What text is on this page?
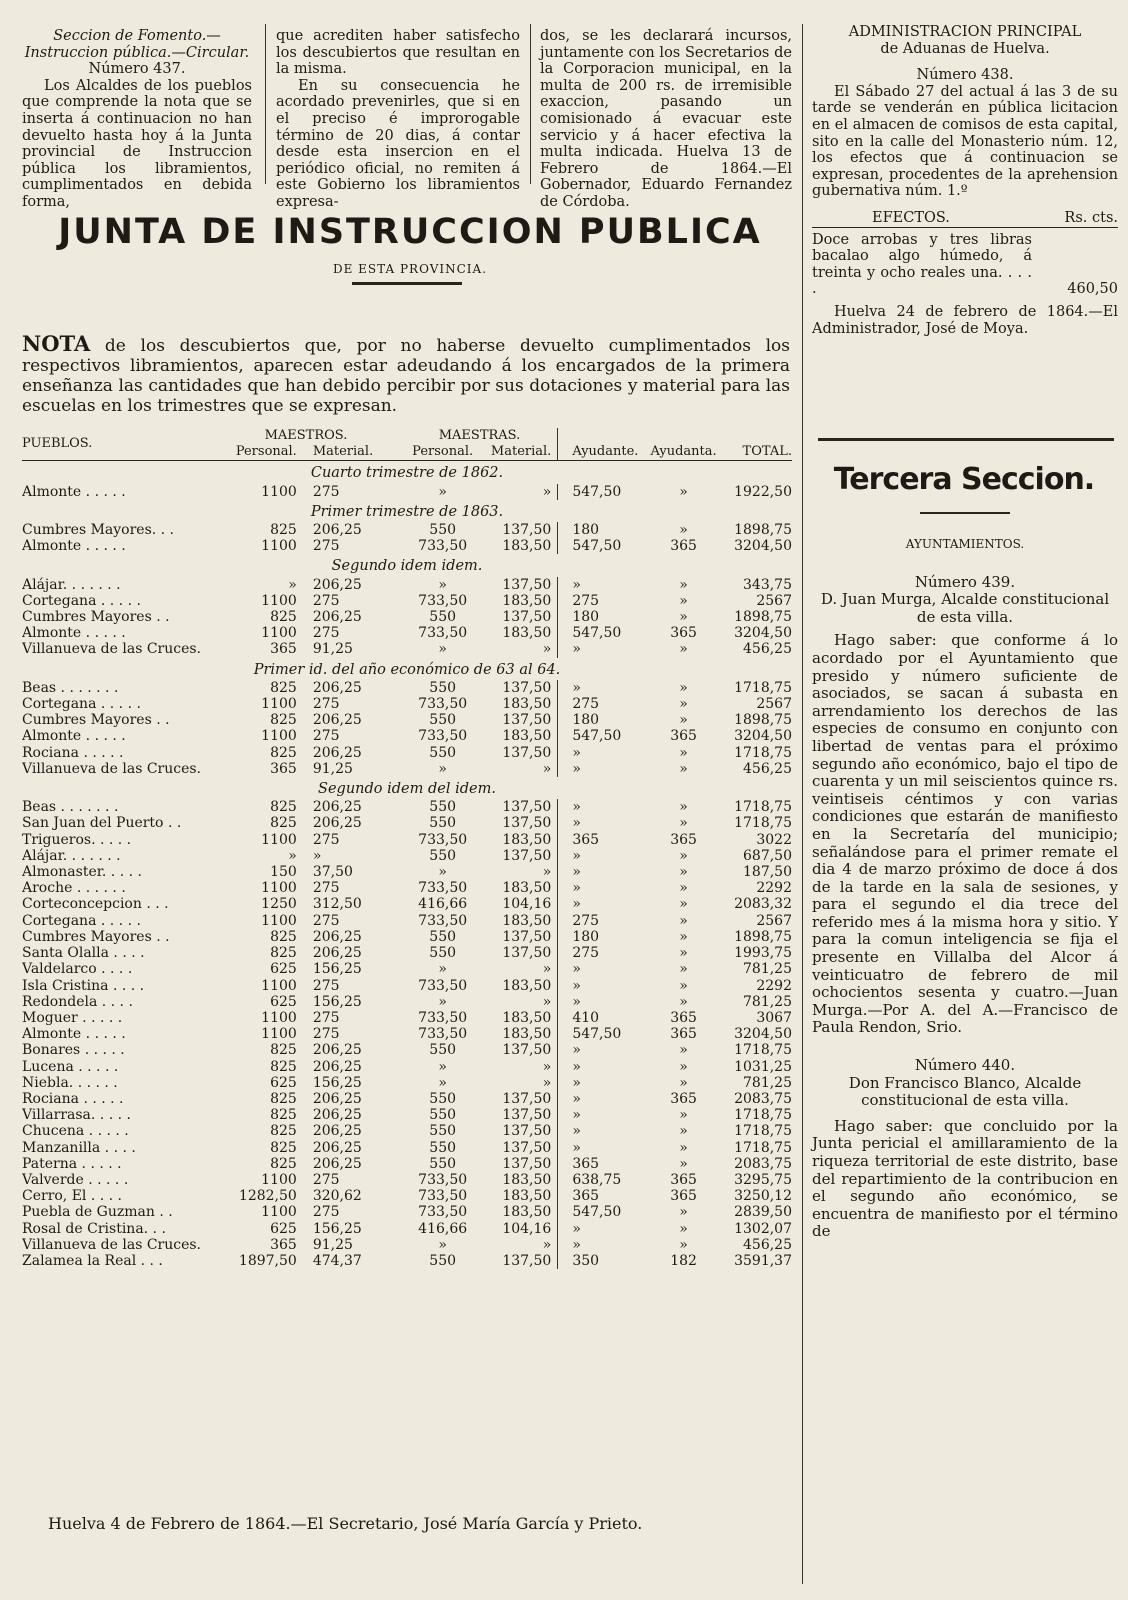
Seccion de Fomento.—Instruccion pública.—Circular.

Número 437.

Los Alcaldes de los pueblos que comprende la nota que se inserta á continuacion no han devuelto hasta hoy á la Junta provincial de Instruccion pública los libramientos, cumplimentados en debida forma,

que acrediten haber satisfecho los descubiertos que resultan en la misma.

En su consecuencia he acordado prevenirles, que si en el preciso é improrogable término de 20 dias, á contar desde esta insercion en el periódico oficial, no remiten á este Gobierno los libramientos expresa-

dos, se les declarará incursos, juntamente con los Secretarios de la Corporacion municipal, en la multa de 200 rs. de irremisible exaccion, pasando un comisionado á evacuar este servicio y á hacer efectiva la multa indicada. Huelva 13 de Febrero de 1864.—El Gobernador, Eduardo Fernandez de Córdoba.

JUNTA DE INSTRUCCION PUBLICA
DE ESTA PROVINCIA.
NOTA de los descubiertos que, por no haberse devuelto cumplimentados los respectivos libramientos, aparecen estar adeudando á los encargados de la primera enseñanza las cantidades que han debido percibir por sus dotaciones y material para las escuelas en los trimestres que se expresan.
PUEBLOS.	MAESTROS.		MAESTRAS.				
	Personal.	Material.	Personal.	Material.	Ayudante.	Ayudanta.	TOTAL.
Cuarto trimestre de 1862.							
Almonte . . . . .	1100	275	»	»	547,50	»	1922,50
Primer trimestre de 1863.							
Cumbres Mayores. . .	825	206,25	550	137,50	180	»	1898,75
Almonte . . . . .	1100	275	733,50	183,50	547,50	365	3204,50
Segundo idem idem.							
Alájar. . . . . . .	»	206,25	»	137,50	»	»	343,75
Cortegana . . . . .	1100	275	733,50	183,50	275	»	2567
Cumbres Mayores . .	825	206,25	550	137,50	180	»	1898,75
Almonte . . . . .	1100	275	733,50	183,50	547,50	365	3204,50
Villanueva de las Cruces.	365	91,25	»	»	»	»	456,25
Primer id. del año económico de 63 al 64.							
Beas . . . . . . .	825	206,25	550	137,50	»	»	1718,75
Cortegana . . . . .	1100	275	733,50	183,50	275	»	2567
Cumbres Mayores . .	825	206,25	550	137,50	180	»	1898,75
Almonte . . . . .	1100	275	733,50	183,50	547,50	365	3204,50
Rociana . . . . .	825	206,25	550	137,50	»	»	1718,75
Villanueva de las Cruces.	365	91,25	»	»	»	»	456,25
Segundo idem del idem.							
Beas . . . . . . .	825	206,25	550	137,50	»	»	1718,75
San Juan del Puerto . .	825	206,25	550	137,50	»	»	1718,75
Trigueros. . . . .	1100	275	733,50	183,50	365	365	3022
Alájar. . . . . . .	»	»	550	137,50	»	»	687,50
Almonaster. . . . .	150	37,50	»	»	»	»	187,50
Aroche . . . . . .	1100	275	733,50	183,50	»	»	2292
Corteconcepcion . . .	1250	312,50	416,66	104,16	»	»	2083,32
Cortegana . . . . .	1100	275	733,50	183,50	275	»	2567
Cumbres Mayores . .	825	206,25	550	137,50	180	»	1898,75
Santa Olalla . . . .	825	206,25	550	137,50	275	»	1993,75
Valdelarco . . . .	625	156,25	»	»	»	»	781,25
Isla Cristina . . . .	1100	275	733,50	183,50	»	»	2292
Redondela . . . .	625	156,25	»	»	»	»	781,25
Moguer . . . . .	1100	275	733,50	183,50	410	365	3067
Almonte . . . . .	1100	275	733,50	183,50	547,50	365	3204,50
Bonares . . . . .	825	206,25	550	137,50	»	»	1718,75
Lucena . . . . .	825	206,25	»	»	»	»	1031,25
Niebla. . . . . .	625	156,25	»	»	»	»	781,25
Rociana . . . . .	825	206,25	550	137,50	»	365	2083,75
Villarrasa. . . . .	825	206,25	550	137,50	»	»	1718,75
Chucena . . . . .	825	206,25	550	137,50	»	»	1718,75
Manzanilla . . . .	825	206,25	550	137,50	»	»	1718,75
Paterna . . . . .	825	206,25	550	137,50	365	»	2083,75
Valverde . . . . .	1100	275	733,50	183,50	638,75	365	3295,75
Cerro, El . . . .	1282,50	320,62	733,50	183,50	365	365	3250,12
Puebla de Guzman . .	1100	275	733,50	183,50	547,50	»	2839,50
Rosal de Cristina. . .	625	156,25	416,66	104,16	»	»	1302,07
Villanueva de las Cruces.	365	91,25	»	»	»	»	456,25
Zalamea la Real . . .	1897,50	474,37	550	137,50	350	182	3591,37
Huelva 4 de Febrero de 1864.—El Secretario, José María García y Prieto.

ADMINISTRACION PRINCIPAL

de Aduanas de Huelva.

Número 438.

El Sábado 27 del actual á las 3 de su tarde se venderán en pública licitacion en el almacen de comisos de esta capital, sito en la calle del Monasterio núm. 12, los efectos que á continuacion se expresan, procedentes de la aprehension gubernativa núm. 1.º

EFECTOS.	Rs. cts.
Doce arrobas y tres libras bacalao algo húmedo, á treinta y ocho reales una. . . . .	460,50

Huelva 24 de febrero de 1864.—El Administrador, José de Moya.

Tercera Seccion.

AYUNTAMIENTOS.

Número 439.

D. Juan Murga, Alcalde constitucional de esta villa.

Hago saber: que conforme á lo acordado por el Ayuntamiento que presido y número suficiente de asociados, se sacan á subasta en arrendamiento los derechos de las especies de consumo en conjunto con libertad de ventas para el próximo segundo año económico, bajo el tipo de cuarenta y un mil seiscientos quince rs. veintiseis céntimos y con varias condiciones que estarán de manifiesto en la Secretaría del municipio; señalándose para el primer remate el dia 4 de marzo próximo de doce á dos de la tarde en la sala de sesiones, y para el segundo el dia trece del referido mes á la misma hora y sitio. Y para la comun inteligencia se fija el presente en Villalba del Alcor á veinticuatro de febrero de mil ochocientos sesenta y cuatro.—Juan Murga.—Por A. del A.—Francisco de Paula Rendon, Srio.

Número 440.

Don Francisco Blanco, Alcalde constitucional de esta villa.

Hago saber: que concluido por la Junta pericial el amillaramiento de la riqueza territorial de este distrito, base del repartimiento de la contribucion en el segundo año económico, se encuentra de manifiesto por el término de
